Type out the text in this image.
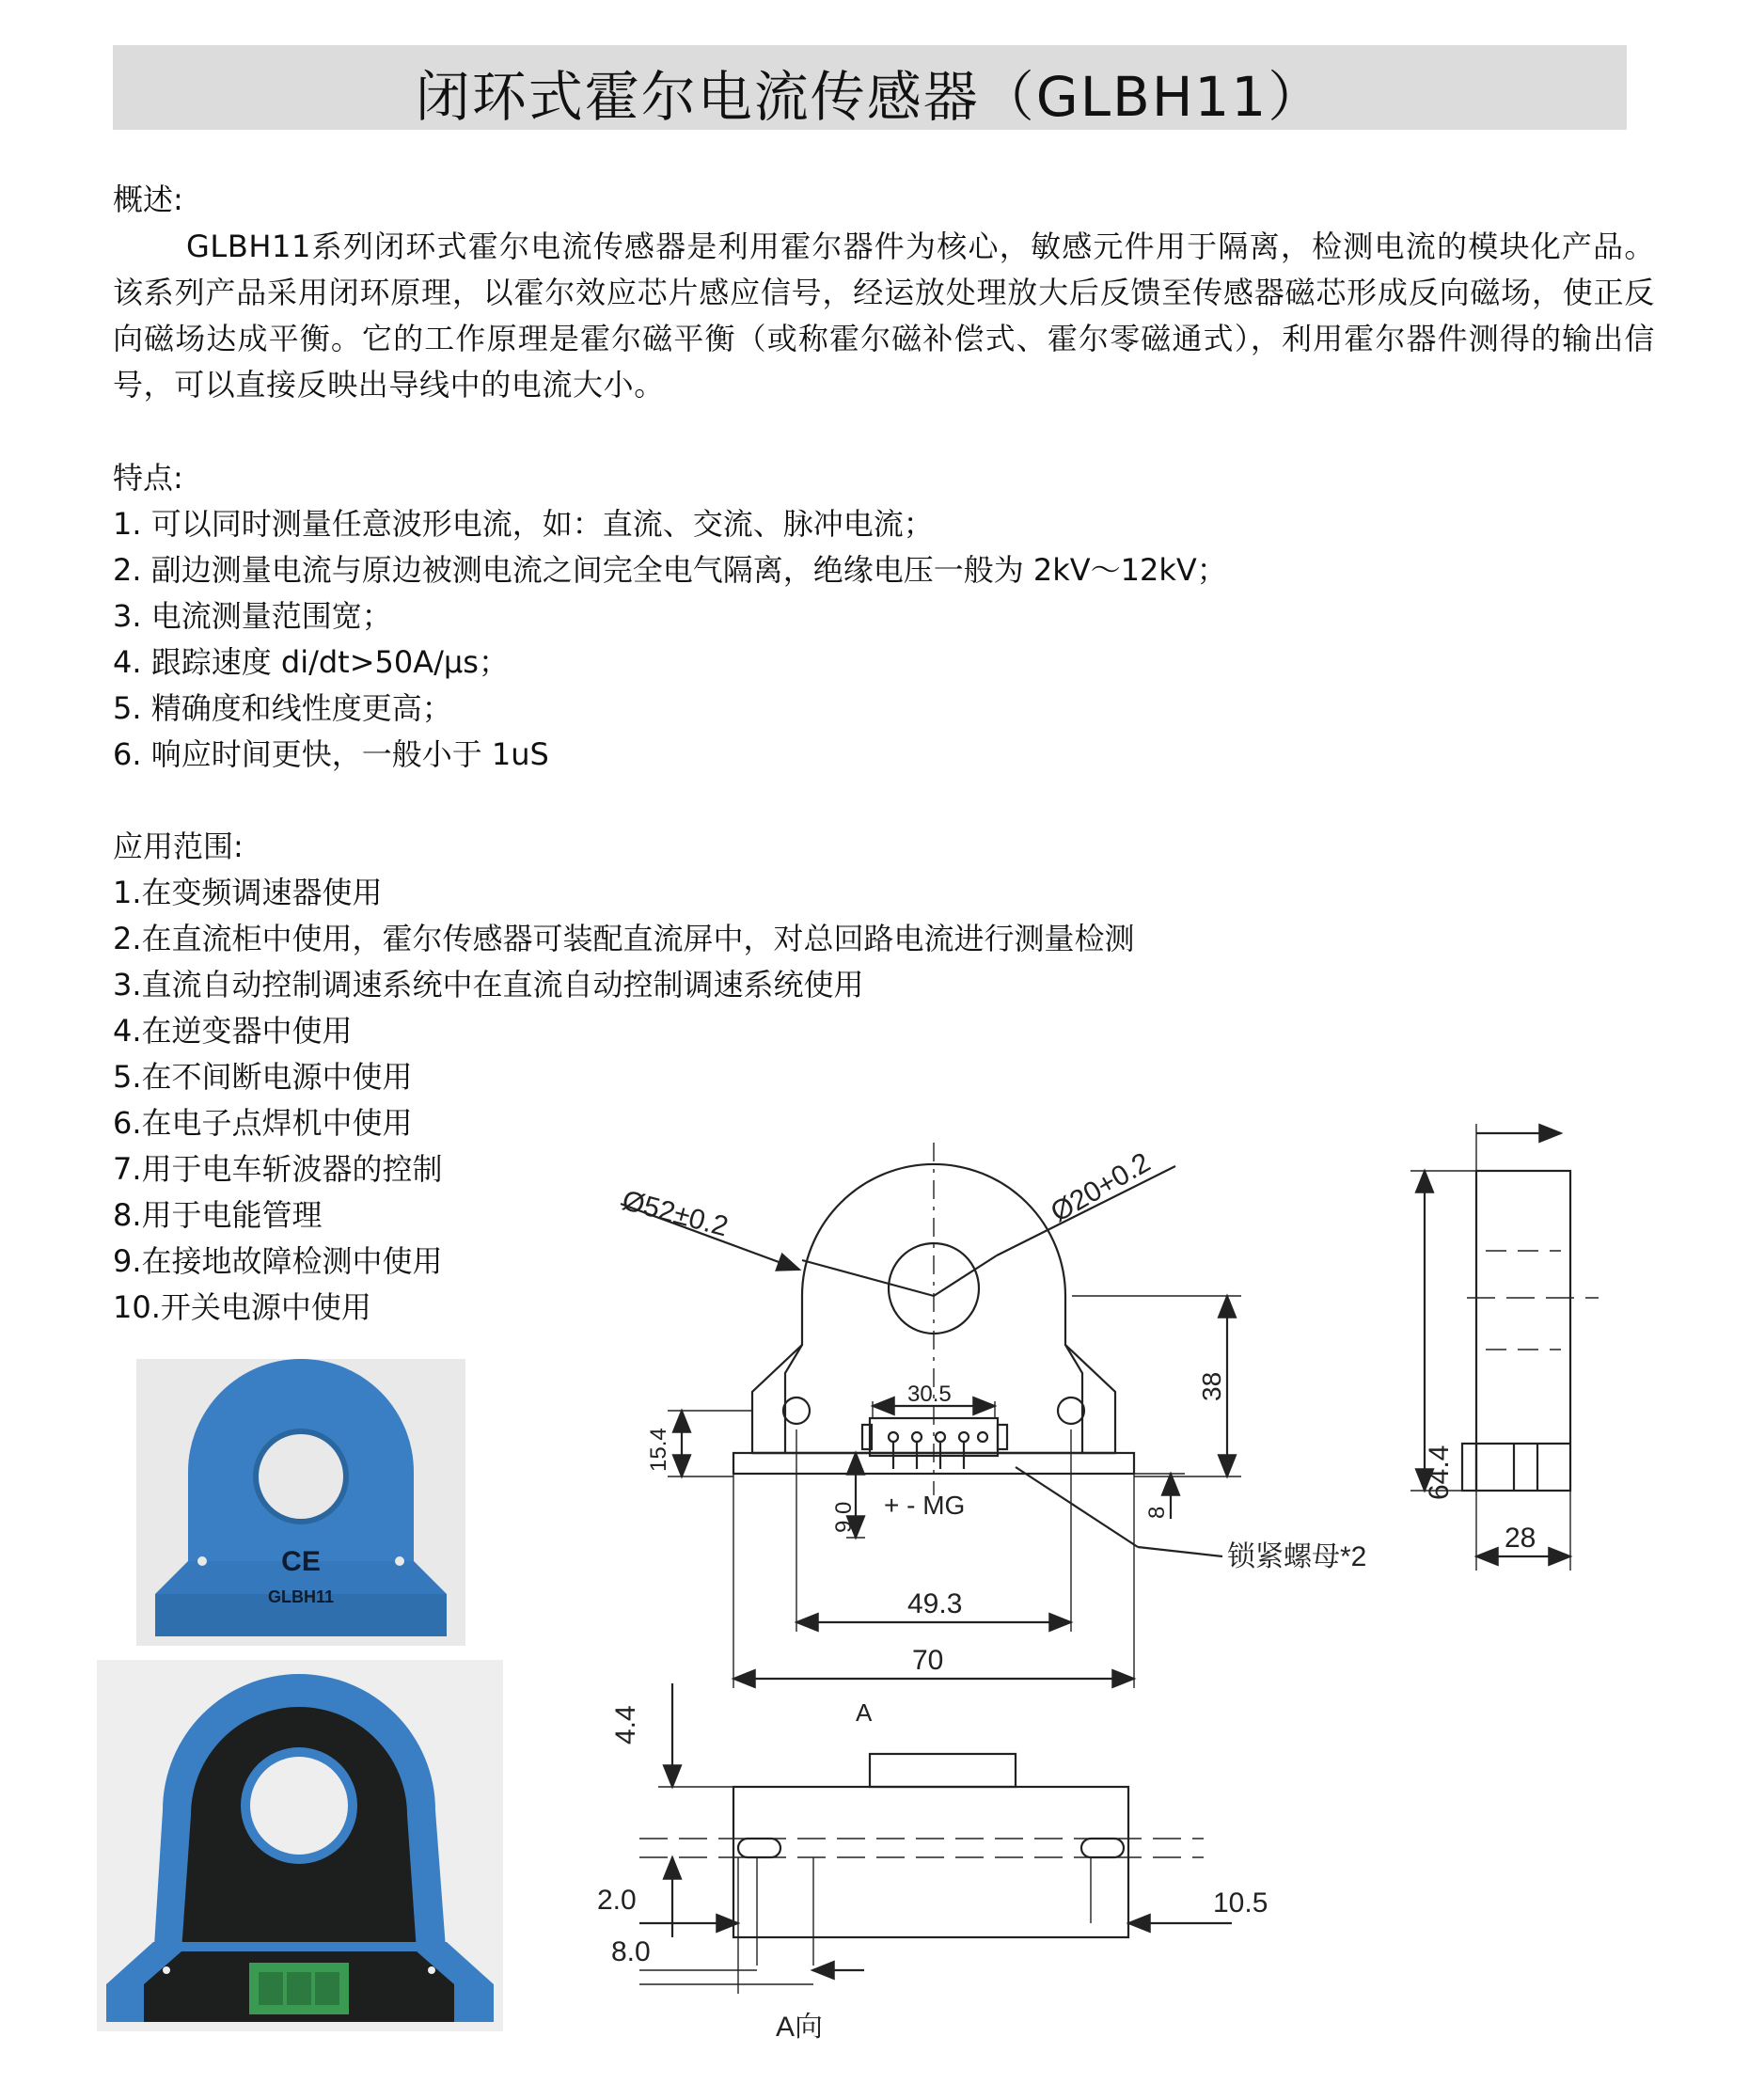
闭环式霍尔电流传感器（GLBH11）
概述:
GLBH11系列闭环式霍尔电流传感器是利用霍尔器件为核心，敏感元件用于隔离，检测电流的模块化产品。该系列产品采用闭环原理，以霍尔效应芯片感应信号，经运放处理放大后反馈至传感器磁芯形成反向磁场，使正反向磁场达成平衡。它的工作原理是霍尔磁平衡（或称霍尔磁补偿式、霍尔零磁通式），利用霍尔器件测得的输出信号，可以直接反映出导线中的电流大小。
特点:
1. 可以同时测量任意波形电流，如：直流、交流、脉冲电流；
2. 副边测量电流与原边被测电流之间完全电气隔离，绝缘电压一般为 2kV～12kV；
3. 电流测量范围宽；
4. 跟踪速度 di/dt>50A/μs；
5. 精确度和线性度更高；
6. 响应时间更快，一般小于 1uS
应用范围:
1.在变频调速器使用
2.在直流柜中使用，霍尔传感器可装配直流屏中，对总回路电流进行测量检测
3.直流自动控制调速系统中在直流自动控制调速系统使用
4.在逆变器中使用
5.在不间断电源中使用
6.在电子点焊机中使用
7.用于电车斩波器的控制
8.用于电能管理
9.在接地故障检测中使用
10.开关电源中使用
CE
GLBH11
Ø52±0.2	Ø20+0.2
30.5
15.4
38
9.0	8
+ - MG
49.3
70
锁紧螺母*2
64.4
28
A
4.4
2.0
8.0
10.5
A向
